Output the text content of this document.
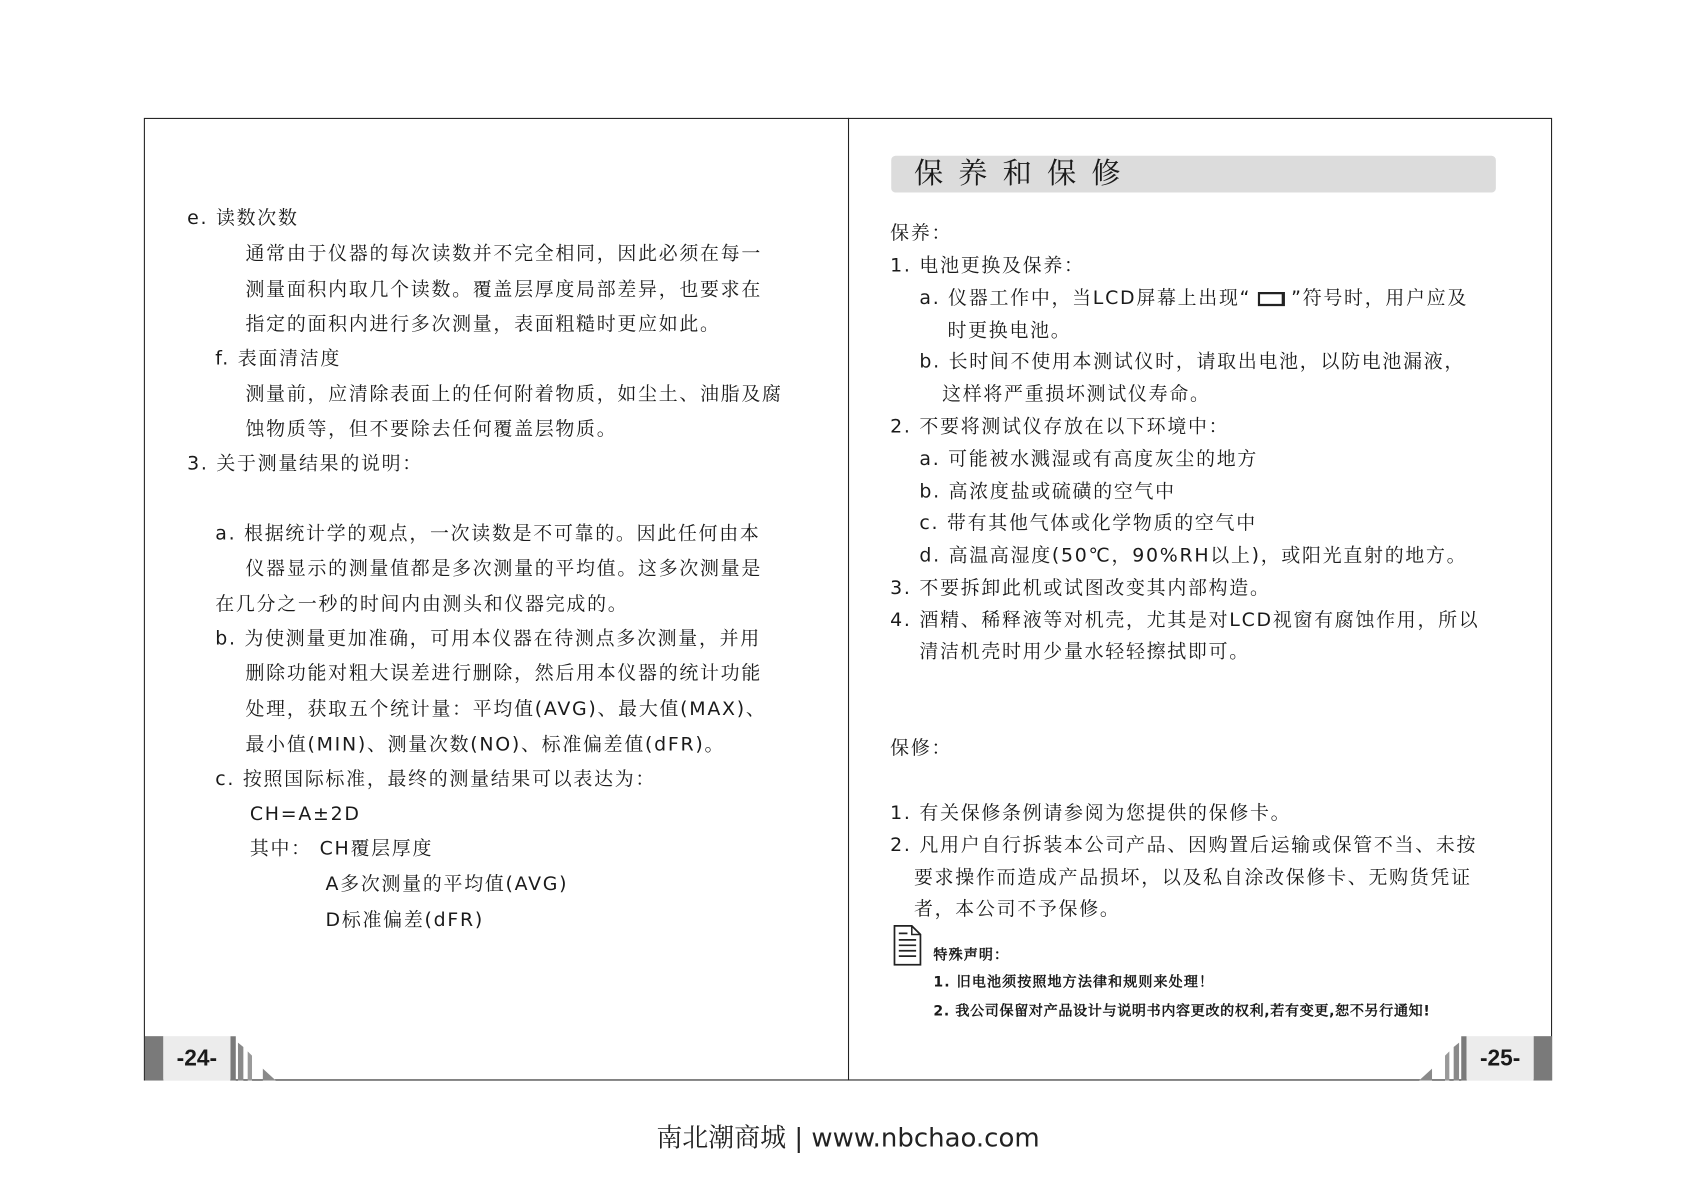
e. 读数次数
通常由于仪器的每次读数并不完全相同，因此必须在每一
测量面积内取几个读数。覆盖层厚度局部差异，也要求在
指定的面积内进行多次测量，表面粗糙时更应如此。
f. 表面清洁度
测量前，应清除表面上的任何附着物质，如尘土、油脂及腐
蚀物质等，但不要除去任何覆盖层物质。
3. 关于测量结果的说明：
a. 根据统计学的观点，一次读数是不可靠的。因此任何由本
仪器显示的测量值都是多次测量的平均值。这多次测量是
在几分之一秒的时间内由测头和仪器完成的。
b. 为使测量更加准确，可用本仪器在待测点多次测量，并用
删除功能对粗大误差进行删除，然后用本仪器的统计功能
处理，获取五个统计量：平均值(AVG)、最大值(MAX)、
最小值(MIN)、测量次数(NO)、标准偏差值(dFR)。
c. 按照国际标准，最终的测量结果可以表达为：
CH=A±2D
其中： CH覆层厚度
A多次测量的平均值(AVG)
D标准偏差(dFR)
-24-
保养和保修
保养：
1. 电池更换及保养：
a. 仪器工作中，当LCD屏幕上出现“ ”符号时，用户应及
时更换电池。
b. 长时间不使用本测试仪时，请取出电池，以防电池漏液，
这样将严重损坏测试仪寿命。
2. 不要将测试仪存放在以下环境中：
a. 可能被水溅湿或有高度灰尘的地方
b. 高浓度盐或硫磺的空气中
c. 带有其他气体或化学物质的空气中
d. 高温高湿度(50℃，90%RH以上)，或阳光直射的地方。
3. 不要拆卸此机或试图改变其内部构造。
4. 酒精、稀释液等对机壳，尤其是对LCD视窗有腐蚀作用，所以
清洁机壳时用少量水轻轻擦拭即可。
保修：
1. 有关保修条例请参阅为您提供的保修卡。
2. 凡用户自行拆装本公司产品、因购置后运输或保管不当、未按
要求操作而造成产品损坏，以及私自涂改保修卡、无购货凭证
者，本公司不予保修。
特殊声明：
1. 旧电池须按照地方法律和规则来处理！
2. 我公司保留对产品设计与说明书内容更改的权利,若有变更,恕不另行通知!
-25-
南北潮商城 | www.nbchao.com
